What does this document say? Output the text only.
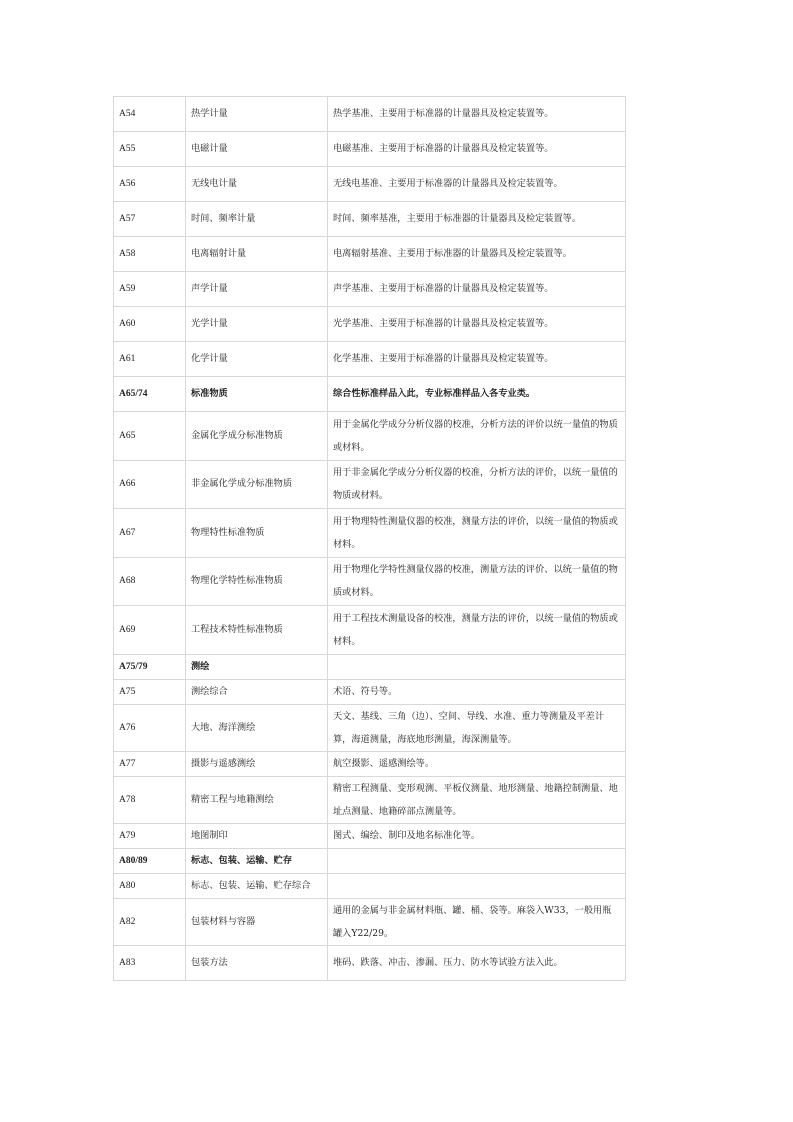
A54	热学计量	热学基准、主要用于标准器的计量器具及检定装置等。
A55	电磁计量	电磁基准、主要用于标准器的计量器具及检定装置等。
A56	无线电计量	无线电基准、主要用于标准器的计量器具及检定装置等。
A57	时间、频率计量	时间、频率基准，主要用于标准器的计量器具及检定装置等。
A58	电离辐射计量	电离辐射基准、主要用于标准器的计量器具及检定装置等。
A59	声学计量	声学基准、主要用于标准器的计量器具及检定装置等。
A60	光学计量	光学基准、主要用于标准器的计量器具及检定装置等。
A61	化学计量	化学基准、主要用于标准器的计量器具及检定装置等。
A65/74	标准物质	综合性标准样品入此，专业标准样品入各专业类。
A65	金属化学成分标准物质	用于金属化学成分分析仪器的校准，分析方法的评价以统一量值的物质或材料。
A66	非金属化学成分标准物质	用于非金属化学成分分析仪器的校准，分析方法的评价，以统一量值的物质或材料。
A67	物理特性标准物质	用于物理特性测量仪器的校准，测量方法的评价，以统一量值的物质或材料。
A68	物理化学特性标准物质	用于物理化学特性测量仪器的校准，测量方法的评价、以统一量值的物质或材料。
A69	工程技术特性标准物质	用于工程技术测量设备的校准，测量方法的评价，以统一量值的物质或材料。
A75/79	测绘	
A75	测绘综合	术语、符号等。
A76	大地、海洋测绘	天文、基线、三角（边）、空间、导线、水准、重力等测量及平差计算，海道测量，海底地形测量，海深测量等。
A77	摄影与遥感测绘	航空摄影、遥感测绘等。
A78	精密工程与地籍测绘	精密工程测量、变形观测、平板仪测量、地形测量、地籍控制测量、地址点测量、地籍碎部点测量等。
A79	地图制印	图式、编绘、制印及地名标准化等。
A80/89	标志、包装、运输、贮存	
A80	标志、包装、运输、贮存综合	
A82	包装材料与容器	通用的金属与非金属材料瓶、罐、桶、袋等。麻袋入W33，一般用瓶罐入Y22/29。
A83	包装方法	堆码、跌落、冲击、渗漏、压力、防水等试验方法入此。
